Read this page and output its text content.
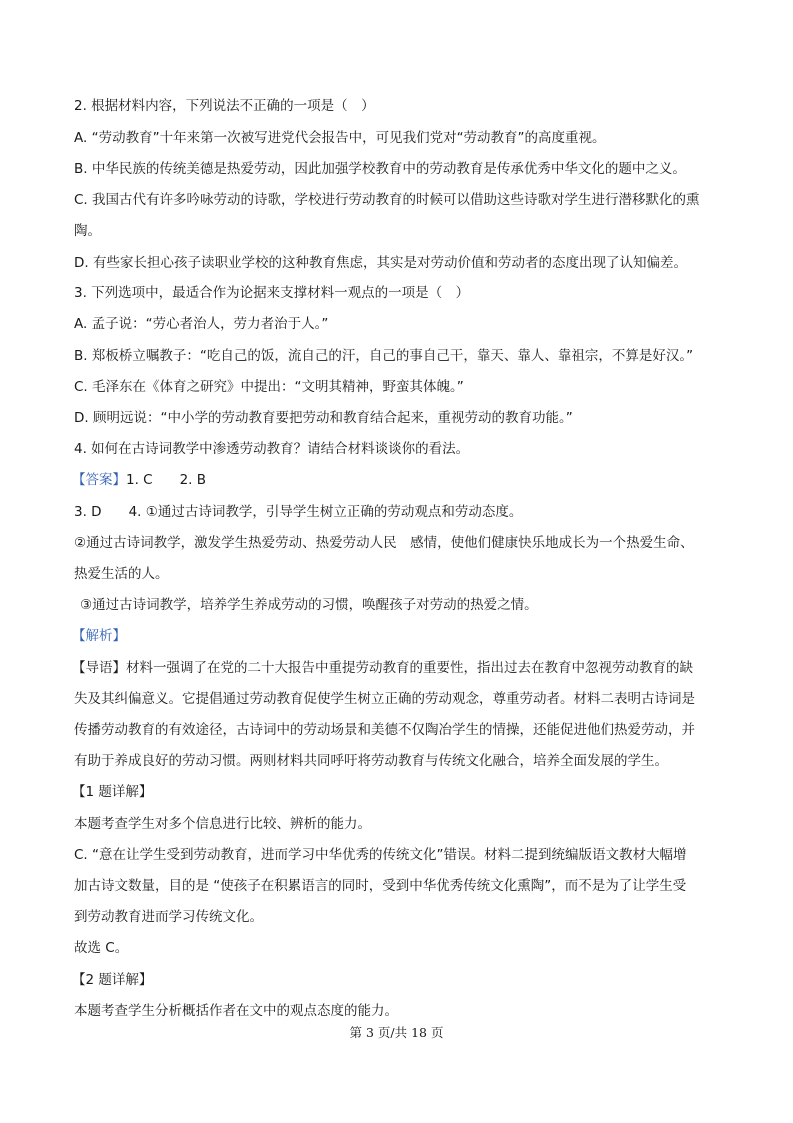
2. 根据材料内容，下列说法不正确的一项是（　）
A. “劳动教育”十年来第一次被写进党代会报告中，可见我们党对“劳动教育”的高度重视。
B. 中华民族的传统美德是热爱劳动，因此加强学校教育中的劳动教育是传承优秀中华文化的题中之义。
C. 我国古代有许多吟咏劳动的诗歌，学校进行劳动教育的时候可以借助这些诗歌对学生进行潜移默化的熏
陶。
D. 有些家长担心孩子读职业学校的这种教育焦虑，其实是对劳动价值和劳动者的态度出现了认知偏差。
3. 下列选项中，最适合作为论据来支撑材料一观点的一项是（　）
A. 孟子说：“劳心者治人，劳力者治于人。”
B. 郑板桥立嘱教子：“吃自己的饭，流自己的汗，自己的事自己干，靠天、靠人、靠祖宗，不算是好汉。”
C. 毛泽东在《体育之研究》中提出：“文明其精神，野蛮其体魄。”
D. 顾明远说：“中小学的劳动教育要把劳动和教育结合起来，重视劳动的教育功能。”
4. 如何在古诗词教学中渗透劳动教育？请结合材料谈谈你的看法。
【答案】1. C　　2. B
3. D　　4. ①通过古诗词教学，引导学生树立正确的劳动观点和劳动态度。
②通过古诗词教学，激发学生热爱劳动、热爱劳动人民　感情，使他们健康快乐地成长为一个热爱生命、
热爱生活的人。
③通过古诗词教学，培养学生养成劳动的习惯，唤醒孩子对劳动的热爱之情。
【解析】
【导语】材料一强调了在党的二十大报告中重提劳动教育的重要性，指出过去在教育中忽视劳动教育的缺
失及其纠偏意义。它提倡通过劳动教育促使学生树立正确的劳动观念，尊重劳动者。材料二表明古诗词是
传播劳动教育的有效途径，古诗词中的劳动场景和美德不仅陶冶学生的情操，还能促进他们热爱劳动，并
有助于养成良好的劳动习惯。两则材料共同呼吁将劳动教育与传统文化融合，培养全面发展的学生。
【1 题详解】
本题考查学生对多个信息进行比较、辨析的能力。
C. “意在让学生受到劳动教育，进而学习中华优秀的传统文化”错误。材料二提到统编版语文教材大幅增
加古诗文数量，目的是 “使孩子在积累语言的同时，受到中华优秀传统文化熏陶”，而不是为了让学生受
到劳动教育进而学习传统文化。
故选 C。
【2 题详解】
本题考查学生分析概括作者在文中的观点态度的能力。
第 3 页/共 18 页
